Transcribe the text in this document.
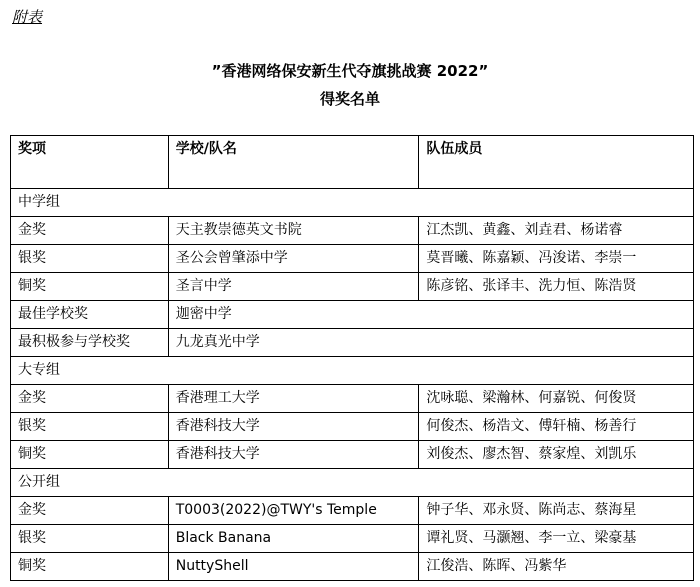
附表
”香港网络保安新生代夺旗挑战赛 2022”
得奖名单
奖项	学校/队名	队伍成员
中学组		
金奖	天主教崇德英文书院	江杰凯、黄鑫、刘垚君、杨诺睿
银奖	圣公会曾肇添中学	莫晋曦、陈嘉颖、冯浚诺、李崇一
铜奖	圣言中学	陈彦铭、张译丰、洗力恒、陈浩贤
最佳学校奖	迦密中学	
最积极参与学校奖	九龙真光中学	
大专组		
金奖	香港理工大学	沈咏聪、梁瀚林、何嘉锐、何俊贤
银奖	香港科技大学	何俊杰、杨浩文、傅轩楠、杨善行
铜奖	香港科技大学	刘俊杰、廖杰智、蔡家煌、刘凯乐
公开组		
金奖	T0003(2022)@TWY's Temple	钟子华、邓永贤、陈尚志、蔡海星
银奖	Black Banana	谭礼贤、马灏翘、李一立、梁豪基
铜奖	NuttyShell	江俊浩、陈晖、冯紫华
